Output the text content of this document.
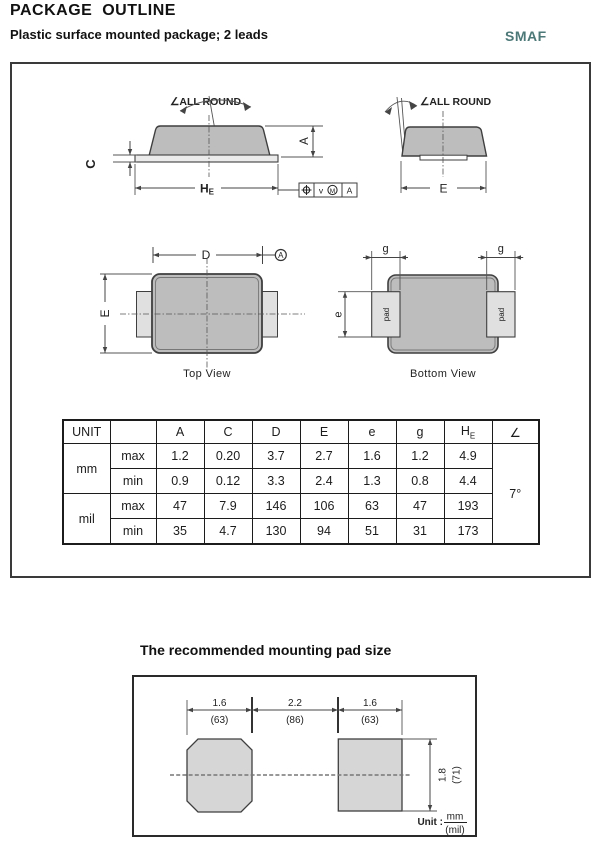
PACKAGE  OUTLINE
Plastic surface mounted package; 2 leads	SMAF
∠ALL ROUND
C
A
HE	v M A
∠ALL ROUND
E
D	A
E
Top View
pad	pad
g	g
e
Bottom View
UNIT		A	C	D	E	e	g	$H_E$	∠
mm	max	1.2	0.20	3.7	2.7	1.6	1.2	4.9	7°
	min	0.9	0.12	3.3	2.4	1.3	0.8	4.4	
mil	max	47	7.9	146	106	63	47	193	
	min	35	4.7	130	94	51	31	173	
The recommended mounting pad size
1.6
(63)
2.2
(86)
1.6
(63)
1.8 (71)
Unit : mm
(mil)
